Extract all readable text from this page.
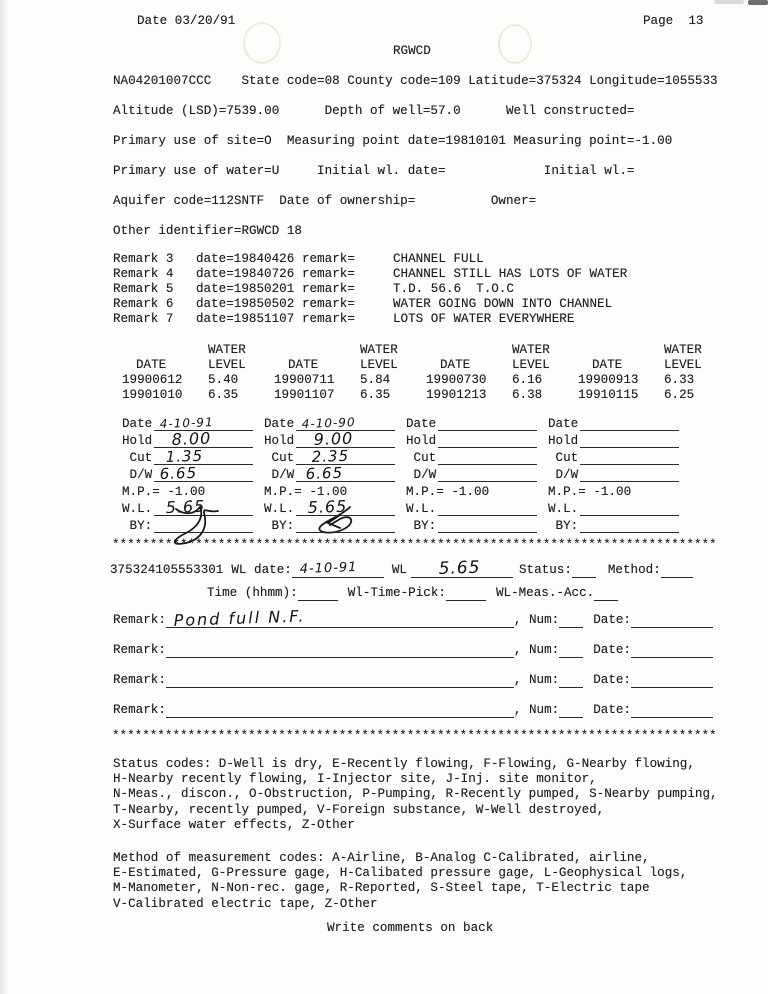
Date 03/20/91	Page  13
RGWCD
NA04201007CCC    State code=08 County code=109 Latitude=375324 Longitude=1055533
Altitude (LSD)=7539.00      Depth of well=57.0      Well constructed=
Primary use of site=O  Measuring point date=19810101 Measuring point=-1.00
Primary use of water=U     Initial wl. date=             Initial wl.=
Aquifer code=112SNTF  Date of ownership=          Owner=
Other identifier=RGWCD 18
Remark 3	date=19840426 remark=	CHANNEL FULL
Remark 4	date=19840726 remark=	CHANNEL STILL HAS LOTS OF WATER
Remark 5	date=19850201 remark=	T.D. 56.6  T.O.C
Remark 6	date=19850502 remark=	WATER GOING DOWN INTO CHANNEL
Remark 7	date=19851107 remark=	LOTS OF WATER EVERYWHERE
WATER
DATE	LEVEL
19900612	5.40
19901010	6.35
WATER
DATE	LEVEL
19900711	5.84
19901107	6.35
WATER
DATE	LEVEL
19900730	6.16
19901213	6.38
WATER
DATE	LEVEL
19900913	6.33
19910115	6.25
Date 4-10-91
Hold 8.00
Cut 1.35
D/W 6.65
M.P.= -1.00
W.L. 5.65
BY:
Date 4-10-90
Hold 9.00
Cut 2.35
D/W 6.65
M.P.= -1.00
W.L. 5.65
BY:
Date
Hold
Cut
D/W
M.P.= -1.00
W.L.
BY:
Date
Hold
Cut
D/W
M.P.= -1.00
W.L.
BY:
********************************************************************************
375324105553301 WL date: 4-10-91	WL 5.65	Status:	Method:
Time (hhmm):	Wl-Time-Pick:	WL-Meas.-Acc.
Remark: Pond full N.F.	, Num:	Date:
Remark:	, Num:	Date:
Remark:	, Num:	Date:
Remark:	, Num:	Date:
********************************************************************************
Status codes: D-Well is dry, E-Recently flowing, F-Flowing, G-Nearby flowing,
H-Nearby recently flowing, I-Injector site, J-Inj. site monitor,
N-Meas., discon., O-Obstruction, P-Pumping, R-Recently pumped, S-Nearby pumping,
T-Nearby, recently pumped, V-Foreign substance, W-Well destroyed,
X-Surface water effects, Z-Other
Method of measurement codes: A-Airline, B-Analog C-Calibrated, airline,
E-Estimated, G-Pressure gage, H-Calibated pressure gage, L-Geophysical logs,
M-Manometer, N-Non-rec. gage, R-Reported, S-Steel tape, T-Electric tape
V-Calibrated electric tape, Z-Other
Write comments on back
